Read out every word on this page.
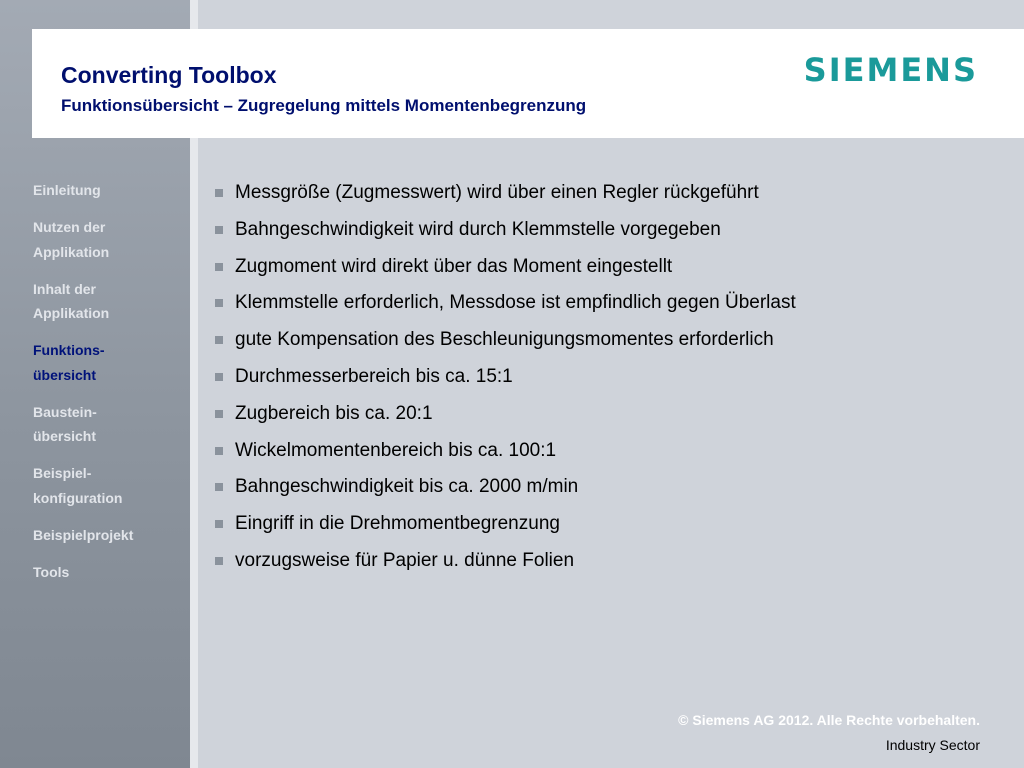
Converting Toolbox
Funktionsübersicht – Zugregelung mittels Momentenbegrenzung
SIEMENS
Einleitung
Nutzen der
Applikation
Inhalt der
Applikation
Funktions-
übersicht
Baustein-
übersicht
Beispiel-
konfiguration
Beispielprojekt
Tools
Messgröße (Zugmesswert) wird über einen Regler rückgeführt
Bahngeschwindigkeit wird durch Klemmstelle vorgegeben
Zugmoment wird direkt über das Moment eingestellt
Klemmstelle erforderlich, Messdose ist empfindlich gegen Überlast
gute Kompensation des Beschleunigungsmomentes erforderlich
Durchmesserbereich bis ca. 15:1
Zugbereich bis ca. 20:1
Wickelmomentenbereich bis ca. 100:1
Bahngeschwindigkeit bis ca. 2000 m/min
Eingriff in die Drehmomentbegrenzung
vorzugsweise für Papier u. dünne Folien
© Siemens AG 2012. Alle Rechte vorbehalten.
Industry Sector
